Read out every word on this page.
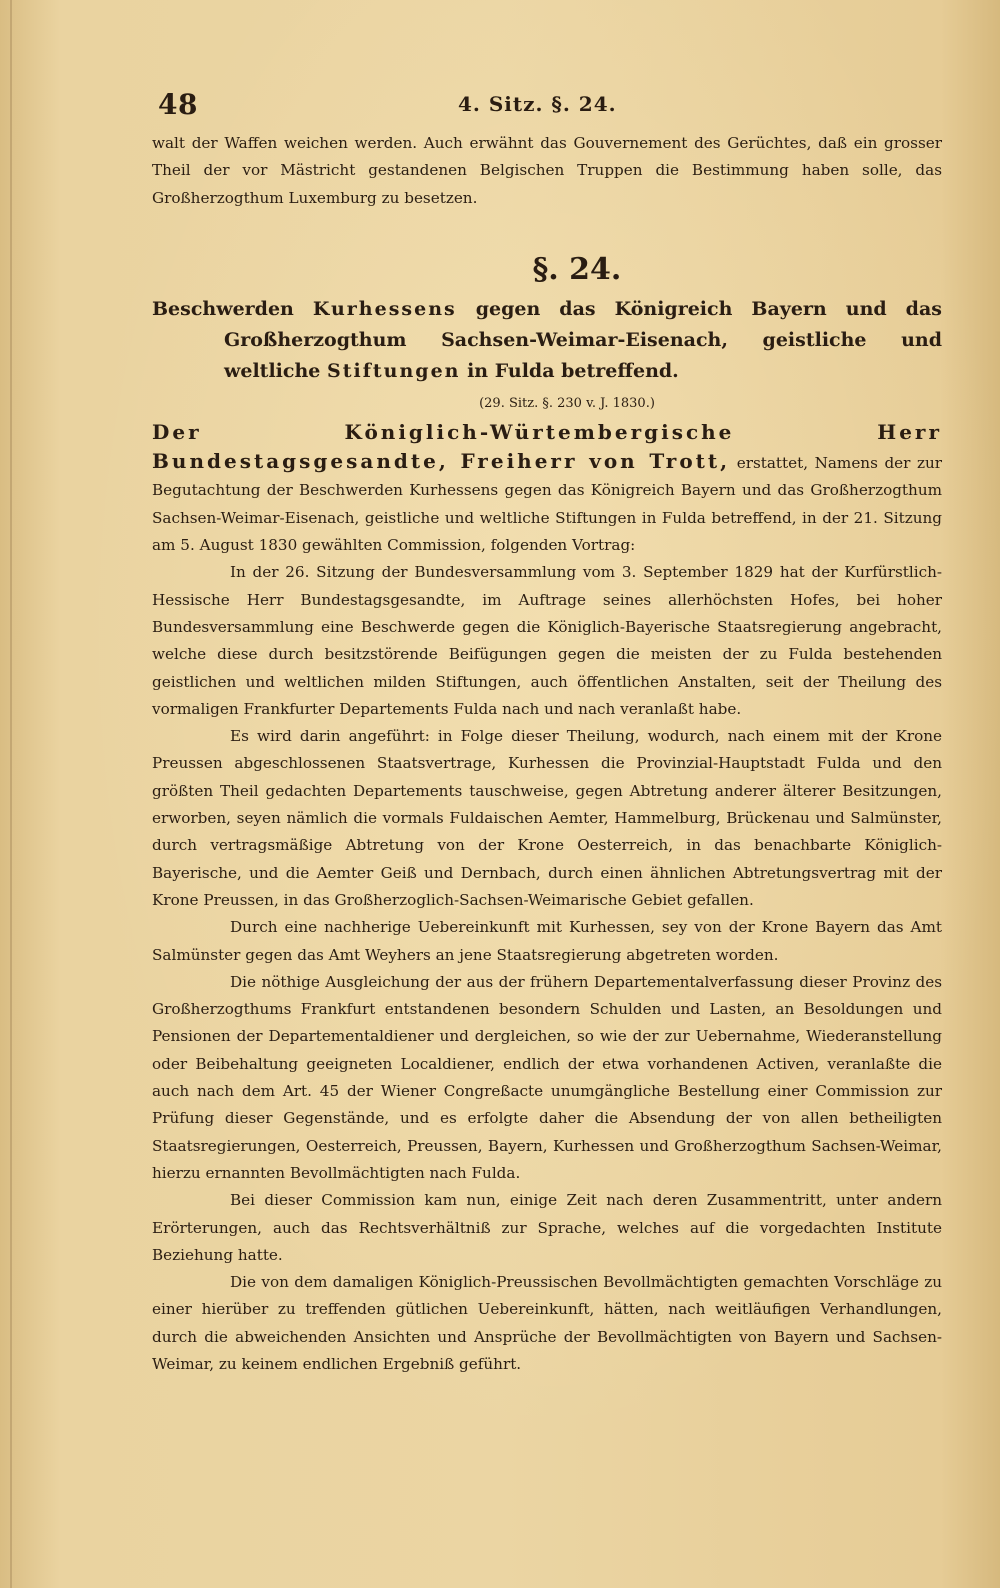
48	4. Sitz. §. 24.

walt der Waffen weichen werden. Auch erwähnt das Gouvernement des Gerüchtes, daß ein grosser Theil der vor Mästricht gestandenen Belgischen Truppen die Bestimmung haben solle, das Großherzogthum Luxemburg zu besetzen.

§. 24.

Beschwerden Kurhessens gegen das Königreich Bayern und das Großherzogthum Sachsen-Weimar-Eisenach, geistliche und weltliche Stiftungen in Fulda betreffend.

(29. Sitz. §. 230 v. J. 1830.)

Der Königlich-Würtembergische Herr Bundestagsgesandte, Freiherr von Trott, erstattet, Namens der zur Begutachtung der Beschwerden Kurhessens gegen das Königreich Bayern und das Großherzogthum Sachsen-Weimar-Eisenach, geistliche und weltliche Stiftungen in Fulda betreffend, in der 21. Sitzung am 5. August 1830 gewählten Commission, folgenden Vortrag:

In der 26. Sitzung der Bundesversammlung vom 3. September 1829 hat der Kurfürstlich-Hessische Herr Bundestagsgesandte, im Auftrage seines allerhöchsten Hofes, bei hoher Bundesversammlung eine Beschwerde gegen die Königlich-Bayerische Staatsregierung angebracht, welche diese durch besitzstörende Beifügungen gegen die meisten der zu Fulda bestehenden geistlichen und weltlichen milden Stiftungen, auch öffentlichen Anstalten, seit der Theilung des vormaligen Frankfurter Departements Fulda nach und nach veranlaßt habe.

Es wird darin angeführt: in Folge dieser Theilung, wodurch, nach einem mit der Krone Preussen abgeschlossenen Staatsvertrage, Kurhessen die Provinzial-Hauptstadt Fulda und den größten Theil gedachten Departements tauschweise, gegen Abtretung anderer älterer Besitzungen, erworben, seyen nämlich die vormals Fuldaischen Aemter, Hammelburg, Brückenau und Salmünster, durch vertragsmäßige Abtretung von der Krone Oesterreich, in das benachbarte Königlich-Bayerische, und die Aemter Geiß und Dernbach, durch einen ähnlichen Abtretungsvertrag mit der Krone Preussen, in das Großherzoglich-Sachsen-Weimarische Gebiet gefallen.

Durch eine nachherige Uebereinkunft mit Kurhessen, sey von der Krone Bayern das Amt Salmünster gegen das Amt Weyhers an jene Staatsregierung abgetreten worden.

Die nöthige Ausgleichung der aus der frühern Departementalverfassung dieser Provinz des Großherzogthums Frankfurt entstandenen besondern Schulden und Lasten, an Besoldungen und Pensionen der Departementaldiener und dergleichen, so wie der zur Uebernahme, Wiederanstellung oder Beibehaltung geeigneten Localdiener, endlich der etwa vorhandenen Activen, veranlaßte die auch nach dem Art. 45 der Wiener Congreßacte unumgängliche Bestellung einer Commission zur Prüfung dieser Gegenstände, und es erfolgte daher die Absendung der von allen betheiligten Staatsregierungen, Oesterreich, Preussen, Bayern, Kurhessen und Großherzogthum Sachsen-Weimar, hierzu ernannten Bevollmächtigten nach Fulda.

Bei dieser Commission kam nun, einige Zeit nach deren Zusammentritt, unter andern Erörterungen, auch das Rechtsverhältniß zur Sprache, welches auf die vorgedachten Institute Beziehung hatte.

Die von dem damaligen Königlich-Preussischen Bevollmächtigten gemachten Vorschläge zu einer hierüber zu treffenden gütlichen Uebereinkunft, hätten, nach weitläufigen Verhandlungen, durch die abweichenden Ansichten und Ansprüche der Bevollmächtigten von Bayern und Sachsen-Weimar, zu keinem endlichen Ergebniß geführt.
